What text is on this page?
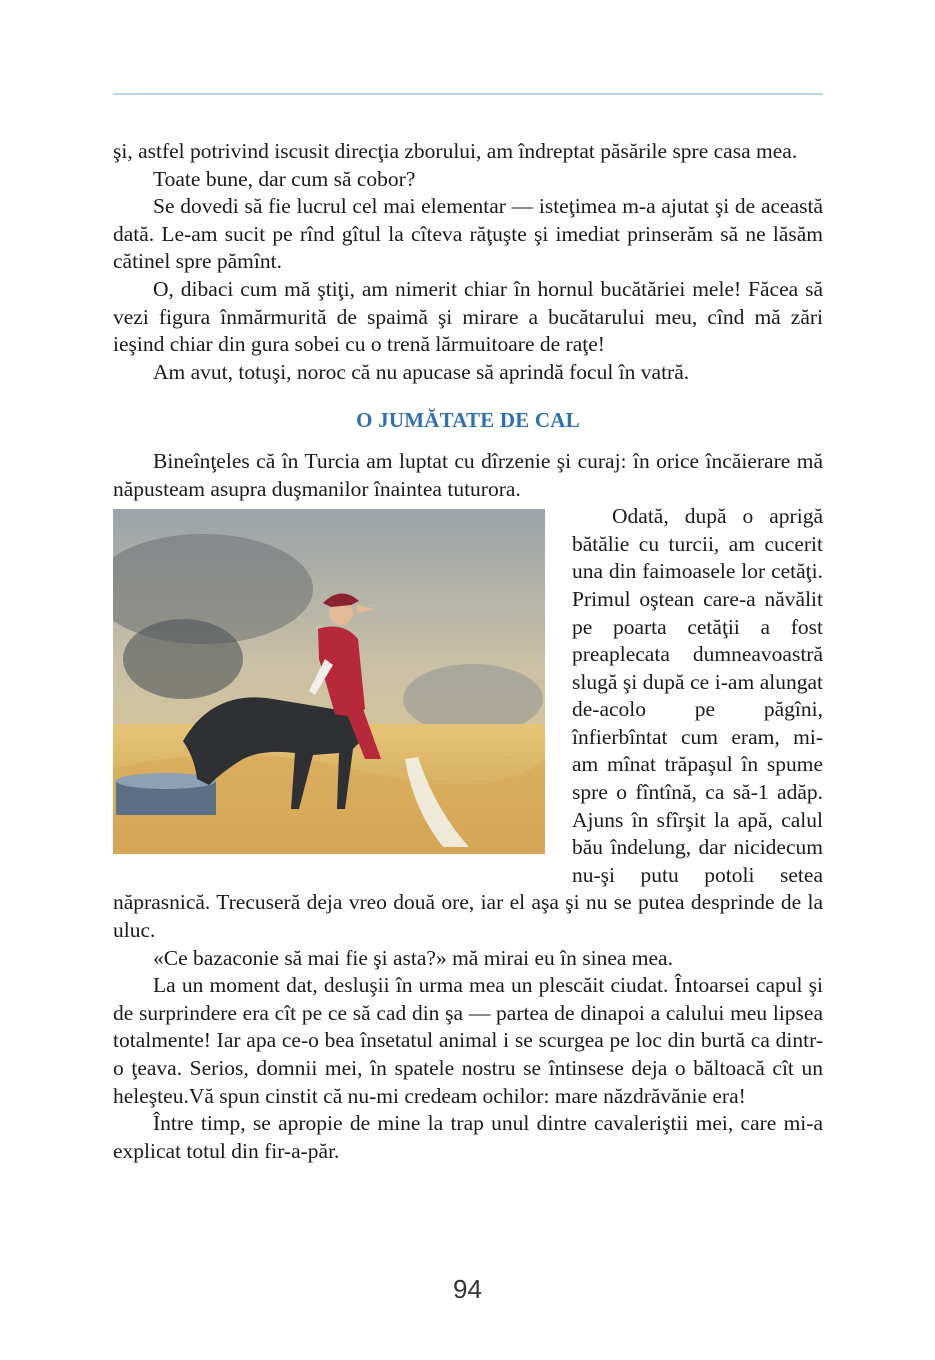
şi, astfel potrivind iscusit direcţia zborului, am îndreptat păsările spre casa mea.

Toate bune, dar cum să cobor?

Se dovedi să fie lucrul cel mai elementar — isteţimea m-a ajutat şi de această dată. Le-am sucit pe rînd gîtul la cîteva răţuşte şi imediat prinserăm să ne lăsăm cătinel spre pămînt.

O, dibaci cum mă ştiţi, am nimerit chiar în hornul bucătăriei mele! Făcea să vezi figura înmărmurită de spaimă şi mirare a bucătarului meu, cînd mă zări ieşind chiar din gura sobei cu o trenă lărmuitoare de raţe!

Am avut, totuşi, noroc că nu apucase să aprindă focul în vatră.

O JUMĂTATE DE CAL

Bineînţeles că în Turcia am luptat cu dîrzenie şi curaj: în orice încăierare mă năpusteam asupra duşmanilor înaintea tuturora.

Odată, după o aprigă bătălie cu turcii, am cucerit una din faimoasele lor cetăţi. Primul oştean care-a năvălit pe poarta cetăţii a fost preaplecata dumneavoastră slugă şi după ce i-am alungat de-acolo pe păgîni, înfierbîntat cum eram, mi-am mînat trăpaşul în spume spre o fîntînă, ca să-1 adăp. Ajuns în sfîrşit la apă, calul bău îndelung, dar nicidecum nu-şi putu potoli setea năprasnică. Trecuseră deja vreo două ore, iar el aşa şi nu se putea desprinde de la uluc.

«Ce bazaconie să mai fie şi asta?» mă mirai eu în sinea mea.

La un moment dat, desluşii în urma mea un plescăit ciudat. Întoarsei capul şi de surprindere era cît pe ce să cad din şa — partea de dinapoi a calului meu lipsea totalmente! Iar apa ce-o bea însetatul animal i se scurgea pe loc din burtă ca dintr-o ţeava. Serios, domnii mei, în spatele nostru se întinsese deja o băltoacă cît un heleşteu.Vă spun cinstit că nu-mi credeam ochilor: mare năzdrăvănie era!

Între timp, se apropie de mine la trap unul dintre cavaleriştii mei, care mi-a explicat totul din fir-a-păr.

94
